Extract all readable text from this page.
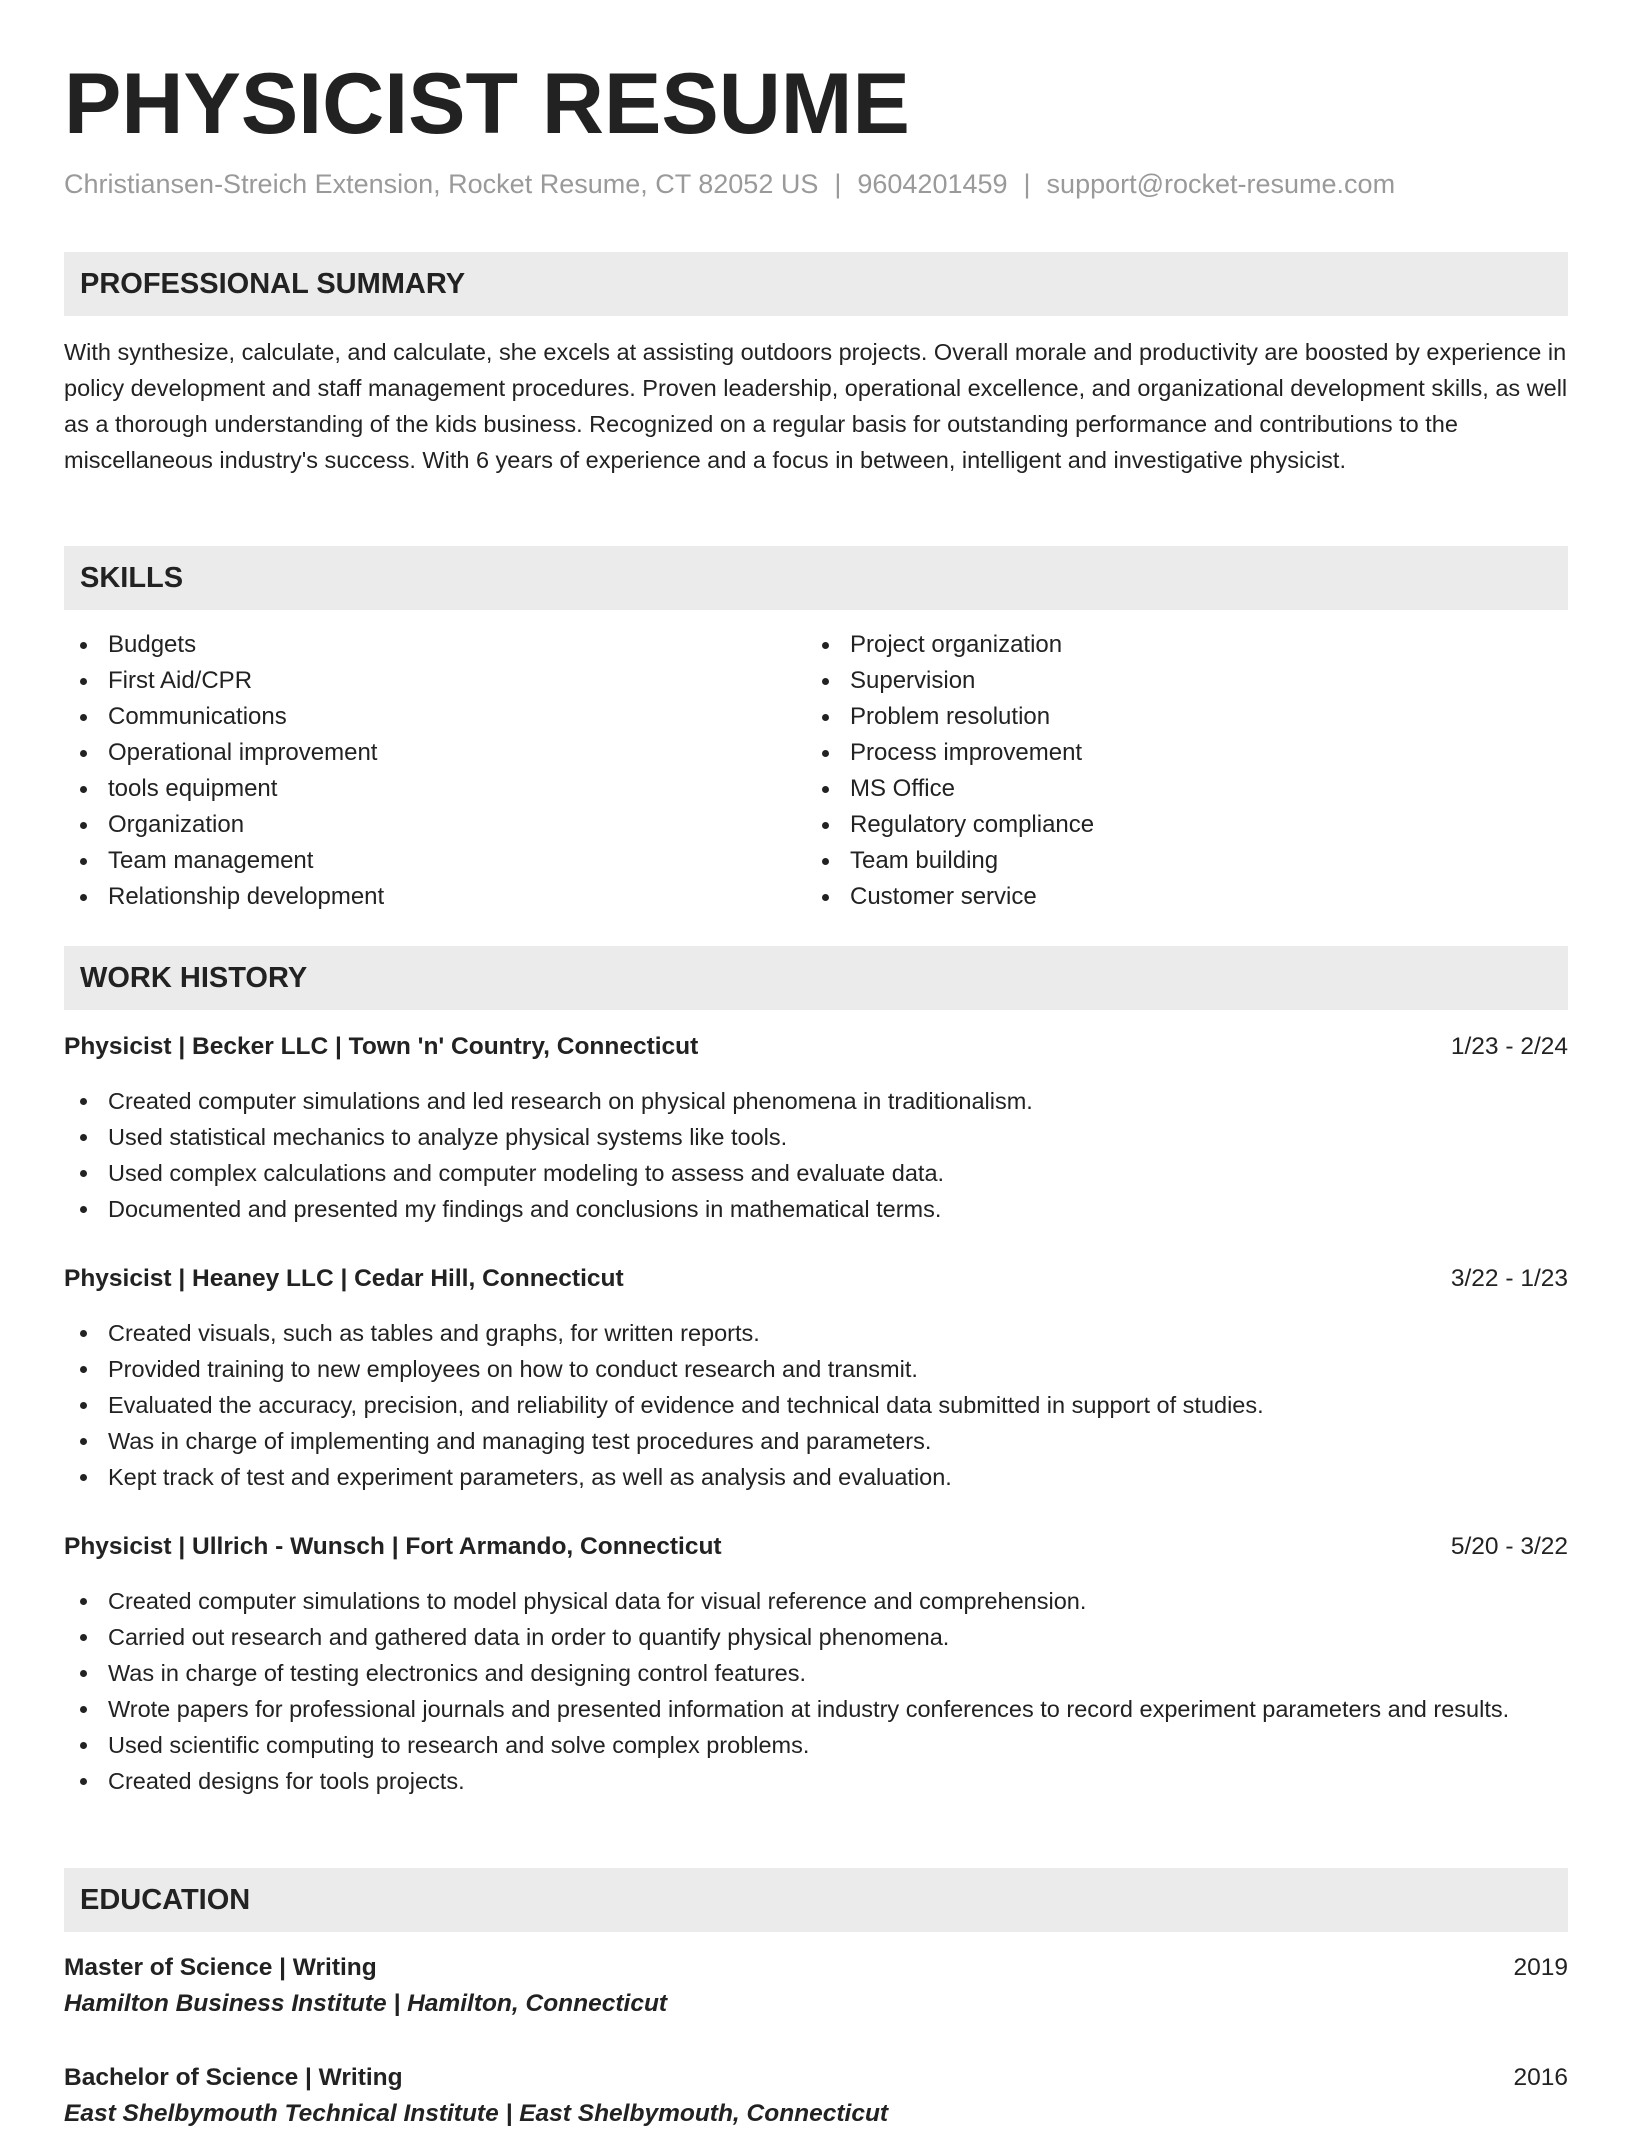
PHYSICIST RESUME
Christiansen-Streich Extension, Rocket Resume, CT 82052 US | 9604201459 | support@rocket-resume.com
PROFESSIONAL SUMMARY
With synthesize, calculate, and calculate, she excels at assisting outdoors projects. Overall morale and productivity are boosted by experience in policy development and staff management procedures. Proven leadership, operational excellence, and organizational development skills, as well as a thorough understanding of the kids business. Recognized on a regular basis for outstanding performance and contributions to the miscellaneous industry's success. With 6 years of experience and a focus in between, intelligent and investigative physicist.
SKILLS
Budgets
First Aid/CPR
Communications
Operational improvement
tools equipment
Organization
Team management
Relationship development
Project organization
Supervision
Problem resolution
Process improvement
MS Office
Regulatory compliance
Team building
Customer service
WORK HISTORY
Physicist | Becker LLC | Town 'n' Country, Connecticut	1/23 - 2/24
Created computer simulations and led research on physical phenomena in traditionalism.
Used statistical mechanics to analyze physical systems like tools.
Used complex calculations and computer modeling to assess and evaluate data.
Documented and presented my findings and conclusions in mathematical terms.
Physicist | Heaney LLC | Cedar Hill, Connecticut	3/22 - 1/23
Created visuals, such as tables and graphs, for written reports.
Provided training to new employees on how to conduct research and transmit.
Evaluated the accuracy, precision, and reliability of evidence and technical data submitted in support of studies.
Was in charge of implementing and managing test procedures and parameters.
Kept track of test and experiment parameters, as well as analysis and evaluation.
Physicist | Ullrich - Wunsch | Fort Armando, Connecticut	5/20 - 3/22
Created computer simulations to model physical data for visual reference and comprehension.
Carried out research and gathered data in order to quantify physical phenomena.
Was in charge of testing electronics and designing control features.
Wrote papers for professional journals and presented information at industry conferences to record experiment parameters and results.
Used scientific computing to research and solve complex problems.
Created designs for tools projects.
EDUCATION
Master of Science | Writing	2019
Hamilton Business Institute | Hamilton, Connecticut
Bachelor of Science | Writing	2016
East Shelbymouth Technical Institute | East Shelbymouth, Connecticut
